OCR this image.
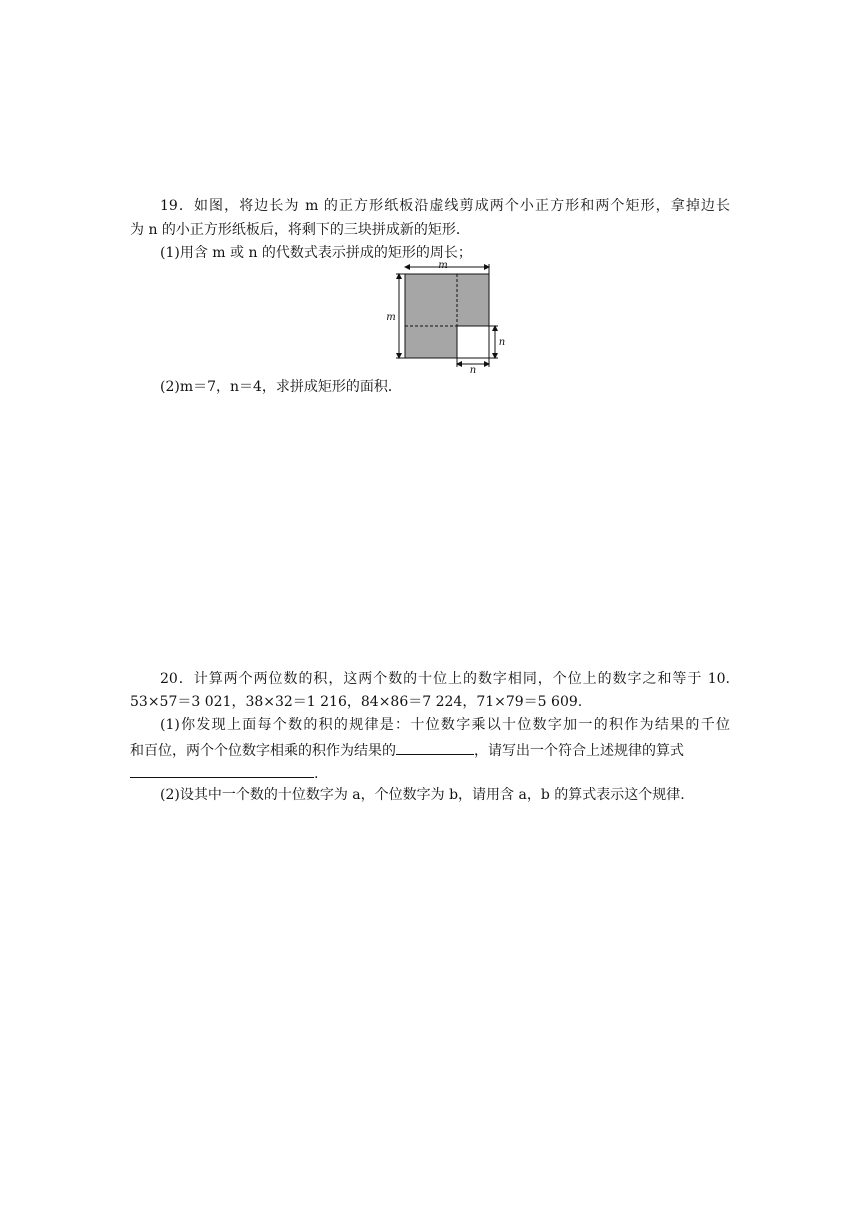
19．如图，将边长为 m 的正方形纸板沿虚线剪成两个小正方形和两个矩形，拿掉边长
为 n 的小正方形纸板后，将剩下的三块拼成新的矩形．
(1)用含 m 或 n 的代数式表示拼成的矩形的周长；
m
m
n
n
(2)m＝7，n＝4，求拼成矩形的面积．
20．计算两个两位数的积，这两个数的十位上的数字相同，个位上的数字之和等于 10.
53×57＝3 021，38×32＝1 216，84×86＝7 224，71×79＝5 609.
(1)你发现上面每个数的积的规律是：十位数字乘以十位数字加一的积作为结果的千位
和百位，两个个位数字相乘的积作为结果的	，请写出一个符合上述规律的算式
.
(2)设其中一个数的十位数字为 a，个位数字为 b，请用含 a，b 的算式表示这个规律.
